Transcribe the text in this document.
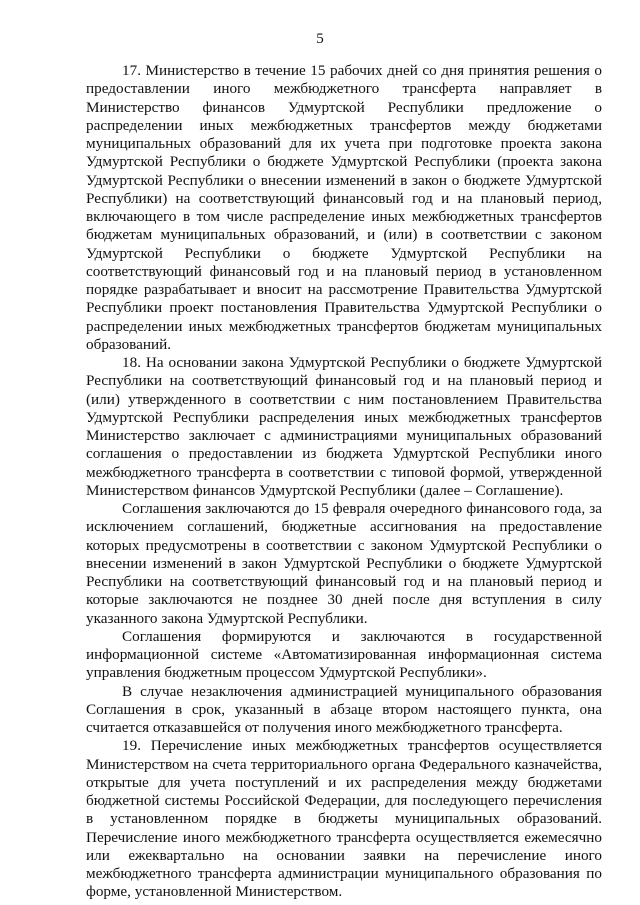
5

17. Министерство в течение 15 рабочих дней со дня принятия решения о предоставлении иного межбюджетного трансферта направляет в Министерство финансов Удмуртской Республики предложение о распределении иных межбюджетных трансфертов между бюджетами муниципальных образований для их учета при подготовке проекта закона Удмуртской Республики о бюджете Удмуртской Республики (проекта закона Удмуртской Республики о внесении изменений в закон о бюджете Удмуртской Республики) на соответствующий финансовый год и на плановый период, включающего в том числе распределение иных межбюджетных трансфертов бюджетам муниципальных образований, и (или) в соответствии с законом Удмуртской Республики о бюджете Удмуртской Республики на соответствующий финансовый год и на плановый период в установленном порядке разрабатывает и вносит на рассмотрение Правительства Удмуртской Республики проект постановления Правительства Удмуртской Республики о распределении иных межбюджетных трансфертов бюджетам муниципальных образований.

18. На основании закона Удмуртской Республики о бюджете Удмуртской Республики на соответствующий финансовый год и на плановый период и (или) утвержденного в соответствии с ним постановлением Правительства Удмуртской Республики распределения иных межбюджетных трансфертов Министерство заключает с администрациями муниципальных образований соглашения о предоставлении из бюджета Удмуртской Республики иного межбюджетного трансферта в соответствии с типовой формой, утвержденной Министерством финансов Удмуртской Республики (далее – Соглашение).

Соглашения заключаются до 15 февраля очередного финансового года, за исключением соглашений, бюджетные ассигнования на предоставление которых предусмотрены в соответствии с законом Удмуртской Республики о внесении изменений в закон Удмуртской Республики о бюджете Удмуртской Республики на соответствующий финансовый год и на плановый период и которые заключаются не позднее 30 дней после дня вступления в силу указанного закона Удмуртской Республики.

Соглашения формируются и заключаются в государственной информационной системе «Автоматизированная информационная система управления бюджетным процессом Удмуртской Республики».

В случае незаключения администрацией муниципального образования Соглашения в срок, указанный в абзаце втором настоящего пункта, она считается отказавшейся от получения иного межбюджетного трансферта.

19. Перечисление иных межбюджетных трансфертов осуществляется Министерством на счета территориального органа Федерального казначейства, открытые для учета поступлений и их распределения между бюджетами бюджетной системы Российской Федерации, для последующего перечисления в установленном порядке в бюджеты муниципальных образований. Перечисление иного межбюджетного трансферта осуществляется ежемесячно или ежеквартально на основании заявки на перечисление иного межбюджетного трансферта администрации муниципального образования по форме, установленной Министерством.
